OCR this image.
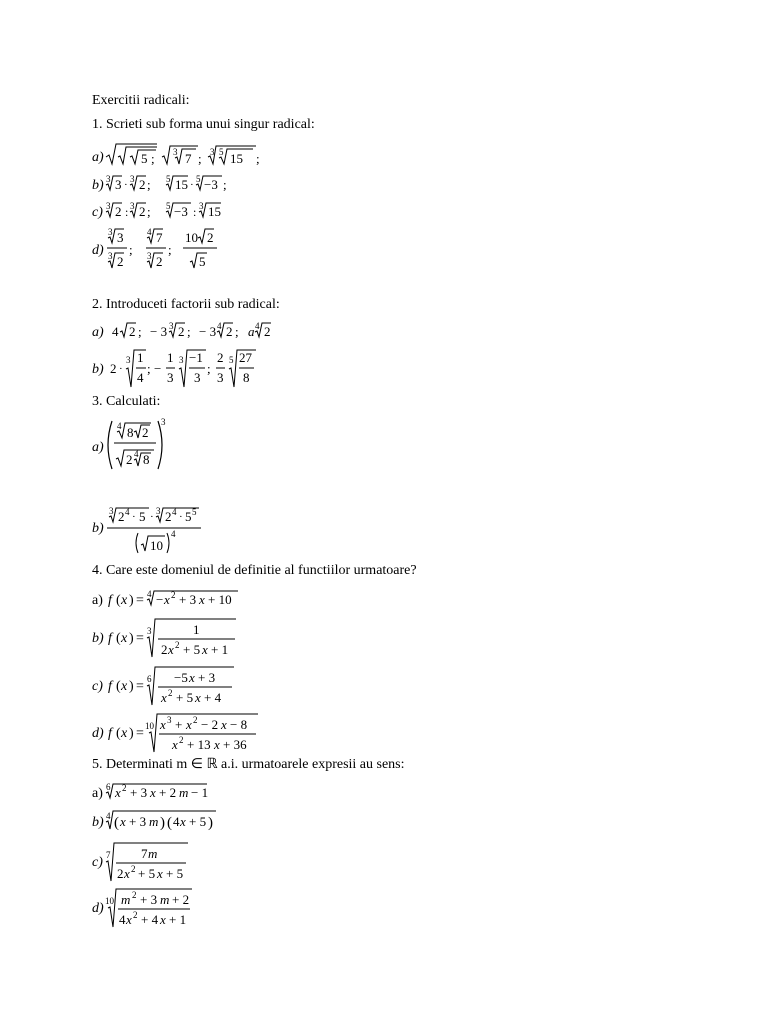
Exercitii radicali:
1. Scrieti sub forma unui singur radical:
a)	5 ; 3 7 ; 3 5 15 ;
b) 3 3 · 3 2 ; 5 15 · 5 −3 ;
c) 3 2 : 3 2 ; 5 −3 : 3 15
d)
3 3
3 2
;
4 7
3 2
;
10 2
5
2. Introduceti factorii sub radical:
a) 4 2 ; − 3 3 2 ; − 3 4 2 ; a 4 2
b) 2 ·
3 1
4
; −
1
3
3 −1
3
;
2
3
5 27
8
3. Calculati:
a)
4 8 2
2 4 8
3
b)
3 2 4 · 5 · 3 2 4 · 5 5
10
4
4. Care este domeniul de definitie al functiilor urmatoare?
a) f ( x ) = 4 − x 2 + 3 x + 10
b) f ( x ) = 3	1
2 x 2 + 5 x + 1
c) f ( x ) = 6 −5 x + 3
x 2 + 5 x + 4
d) f ( x ) = 10 x 3 + x 2 − 2 x − 8
x 2 + 13 x + 36
5. Determinati m ∈ ℝ a.i. urmatoarele expresii au sens:
a) 6 x 2 + 3 x + 2 m − 1
b) 4 ( x + 3 m ) ( 4 x + 5 )
c) 7 7 m
2 x 2 + 5 x + 5
d) 10 m 2 + 3 m + 2
4 x 2 + 4 x + 1
